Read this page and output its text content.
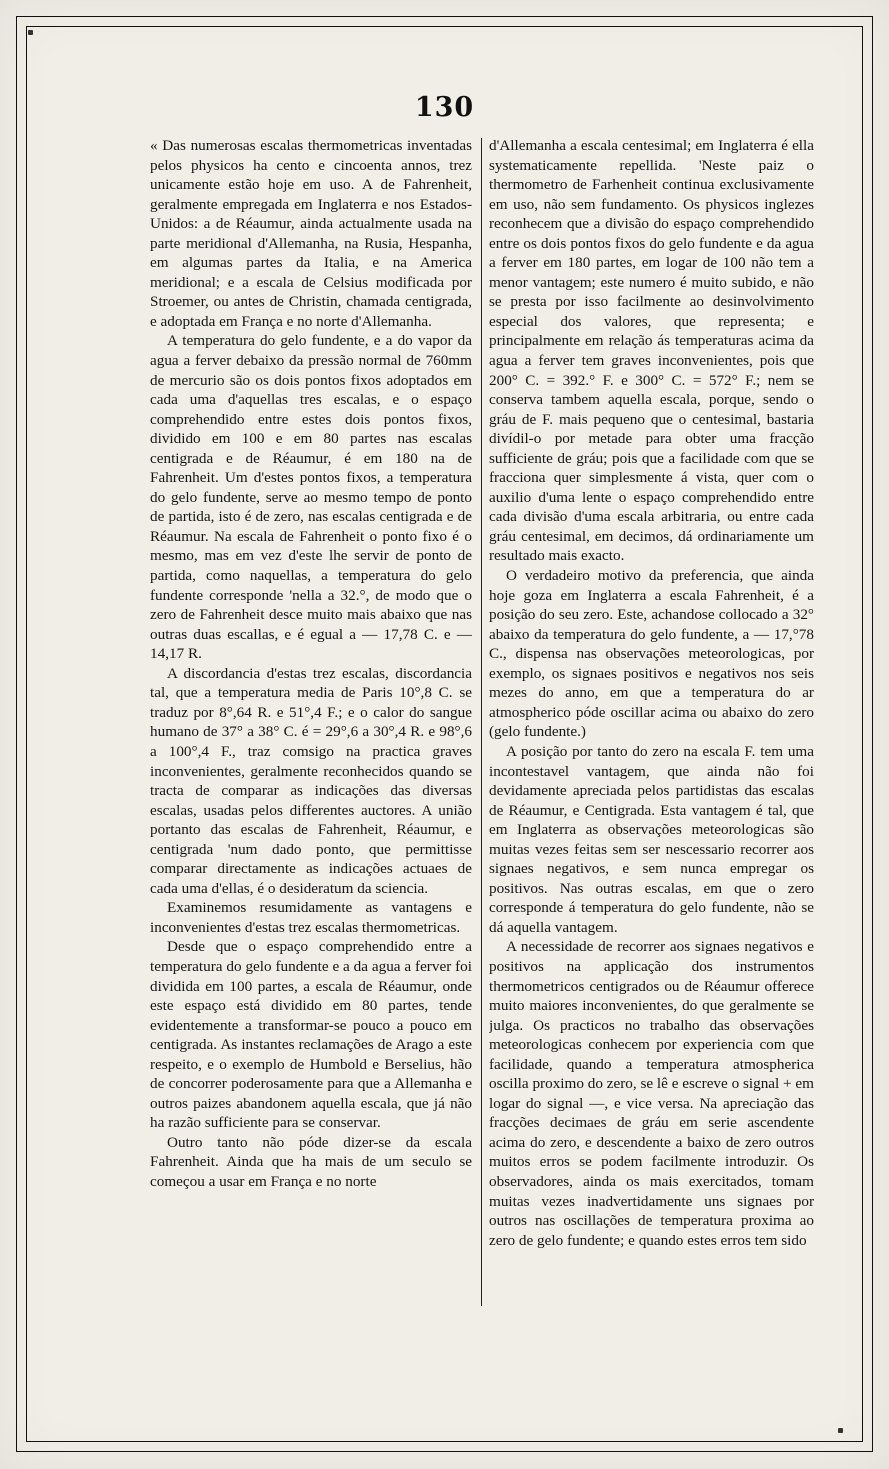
130

« Das numerosas escalas thermometricas inventadas pelos physicos ha cento e cincoenta annos, trez unicamente estão hoje em uso. A de Fahrenheit, geralmente empregada em Inglaterra e nos Estados-Unidos: a de Réaumur, ainda actualmente usada na parte meridional d'Allemanha, na Rusia, Hespanha, em algumas partes da Italia, e na America meridional; e a escala de Celsius modificada por Stroemer, ou antes de Christin, chamada centigrada, e adoptada em França e no norte d'Allemanha.

A temperatura do gelo fundente, e a do vapor da agua a ferver debaixo da pressão normal de 760mm de mercurio são os dois pontos fixos adoptados em cada uma d'aquellas tres escalas, e o espaço comprehendido entre estes dois pontos fixos, dividido em 100 e em 80 partes nas escalas centigrada e de Réaumur, é em 180 na de Fahrenheit. Um d'estes pontos fixos, a temperatura do gelo fundente, serve ao mesmo tempo de ponto de partida, isto é de zero, nas escalas centigrada e de Réaumur. Na escala de Fahrenheit o ponto fixo é o mesmo, mas em vez d'este lhe servir de ponto de partida, como naquellas, a temperatura do gelo fundente corresponde 'nella a 32.°, de modo que o zero de Fahrenheit desce muito mais abaixo que nas outras duas escallas, e é egual a — 17,78 C. e — 14,17 R.

A discordancia d'estas trez escalas, discordancia tal, que a temperatura media de Paris 10°,8 C. se traduz por 8°,64 R. e 51°,4 F.; e o calor do sangue humano de 37° a 38° C. é = 29°,6 a 30°,4 R. e 98°,6 a 100°,4 F., traz comsigo na practica graves inconvenientes, geralmente reconhecidos quando se tracta de comparar as indicações das diversas escalas, usadas pelos differentes auctores. A união portanto das escalas de Fahrenheit, Réaumur, e centigrada 'num dado ponto, que permittisse comparar directamente as indicações actuaes de cada uma d'ellas, é o desideratum da sciencia.

Examinemos resumidamente as vantagens e inconvenientes d'estas trez escalas thermometricas.

Desde que o espaço comprehendido entre a temperatura do gelo fundente e a da agua a ferver foi dividida em 100 partes, a escala de Réaumur, onde este espaço está dividido em 80 partes, tende evidentemente a transformar-se pouco a pouco em centigrada. As instantes reclamações de Arago a este respeito, e o exemplo de Humbold e Berselius, hão de concorrer poderosamente para que a Allemanha e outros paizes abandonem aquella escala, que já não ha razão sufficiente para se conservar.

Outro tanto não póde dizer-se da escala Fahrenheit. Ainda que ha mais de um seculo se começou a usar em França e no norte

d'Allemanha a escala centesimal; em Inglaterra é ella systematicamente repellida. 'Neste paiz o thermometro de Farhenheit continua exclusivamente em uso, não sem fundamento. Os physicos inglezes reconhecem que a divisão do espaço comprehendido entre os dois pontos fixos do gelo fundente e da agua a ferver em 180 partes, em logar de 100 não tem a menor vantagem; este numero é muito subido, e não se presta por isso facilmente ao desinvolvimento especial dos valores, que representa; e principalmente em relação ás temperaturas acima da agua a ferver tem graves inconvenientes, pois que 200° C. = 392.° F. e 300° C. = 572° F.; nem se conserva tambem aquella escala, porque, sendo o gráu de F. mais pequeno que o centesimal, bastaria divídil-o por metade para obter uma fracção sufficiente de gráu; pois que a facilidade com que se fracciona quer simplesmente á vista, quer com o auxilio d'uma lente o espaço comprehendido entre cada divisão d'uma escala arbitraria, ou entre cada gráu centesimal, em decimos, dá ordinariamente um resultado mais exacto.

O verdadeiro motivo da preferencia, que ainda hoje goza em Inglaterra a escala Fahrenheit, é a posição do seu zero. Este, achandose collocado a 32° abaixo da temperatura do gelo fundente, a — 17,°78 C., dispensa nas observações meteorologicas, por exemplo, os signaes positivos e negativos nos seis mezes do anno, em que a temperatura do ar atmospherico póde oscillar acima ou abaixo do zero (gelo fundente.)

A posição por tanto do zero na escala F. tem uma incontestavel vantagem, que ainda não foi devidamente apreciada pelos partidistas das escalas de Réaumur, e Centigrada. Esta vantagem é tal, que em Inglaterra as observações meteorologicas são muitas vezes feitas sem ser nescessario recorrer aos signaes negativos, e sem nunca empregar os positivos. Nas outras escalas, em que o zero corresponde á temperatura do gelo fundente, não se dá aquella vantagem.

A necessidade de recorrer aos signaes negativos e positivos na applicação dos instrumentos thermometricos centigrados ou de Réaumur offerece muito maiores inconvenientes, do que geralmente se julga. Os practicos no trabalho das observações meteorologicas conhecem por experiencia com que facilidade, quando a temperatura atmospherica oscilla proximo do zero, se lê e escreve o signal + em logar do signal —, e vice versa. Na apreciação das fracções decimaes de gráu em serie ascendente acima do zero, e descendente a baixo de zero outros muitos erros se podem facilmente introduzir. Os observadores, ainda os mais exercitados, tomam muitas vezes inadvertidamente uns signaes por outros nas oscillações de temperatura proxima ao zero de gelo fundente; e quando estes erros tem sido
